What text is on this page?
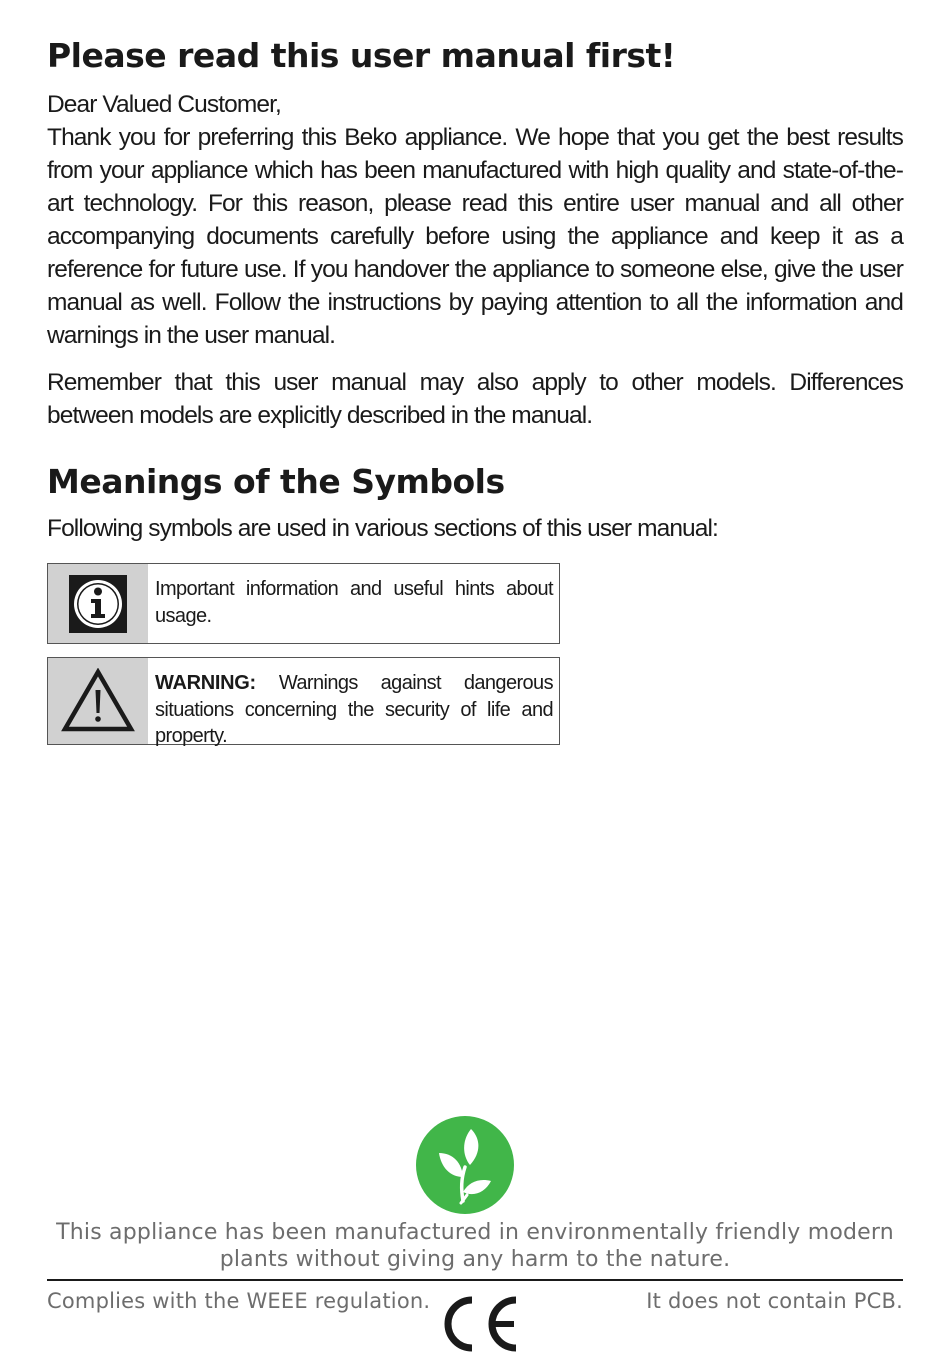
Please read this user manual first!

Dear Valued Customer,

Thank you for preferring this Beko appliance. We hope that you get the best results from your appliance which has been manufactured with high quality and state-of-the-art technology. For this reason, please read this entire user manual and all other accompanying documents carefully before using the appliance and keep it as a reference for future use. If you handover the appliance to someone else, give the user manual as well. Follow the instructions by paying attention to all the information and warnings in the user manual.

Remember that this user manual may also apply to other models. Differences between models are explicitly described in the manual.

Meanings of the Symbols

Following symbols are used in various sections of this user manual:

Important information and useful hints about usage.
WARNING: Warnings against dangerous situations concerning the security of life and property.

This appliance has been manufactured in environmentally friendly modern plants without giving any harm to the nature.

Complies with the WEEE regulation.	It does not contain PCB.
